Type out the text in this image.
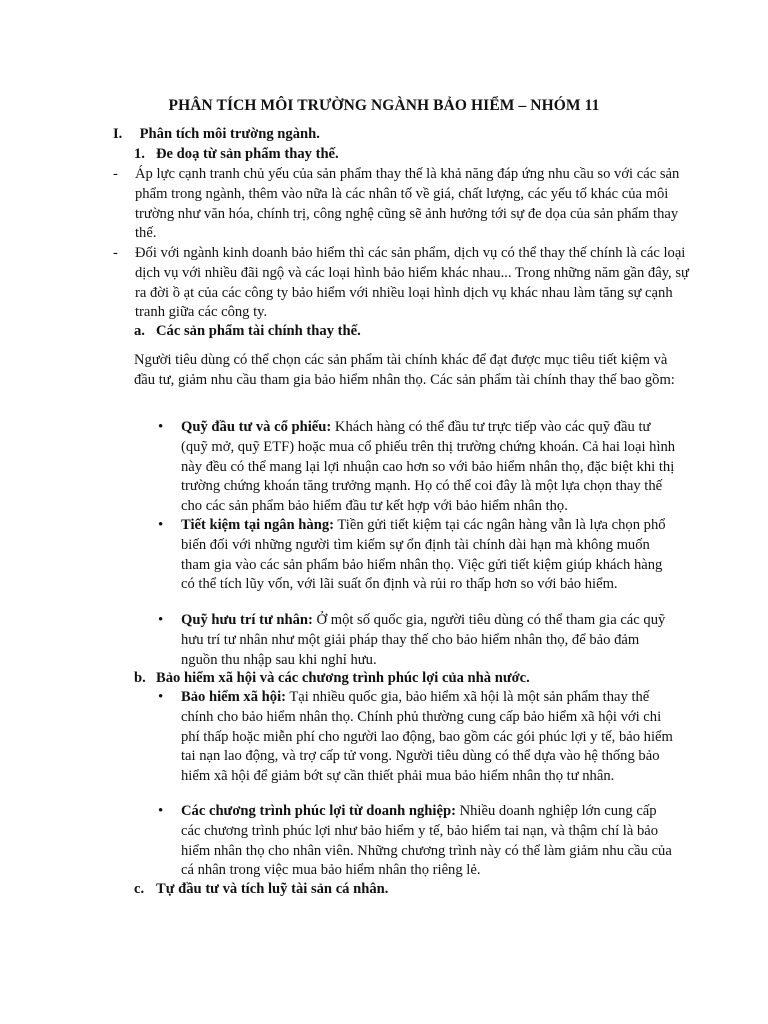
PHÂN TÍCH MÔI TRƯỜNG NGÀNH BẢO HIỂM – NHÓM 11
I. Phân tích môi trường ngành.
1. Đe doạ từ sản phẩm thay thế.
- Áp lực cạnh tranh chủ yếu của sản phẩm thay thế là khả năng đáp ứng nhu cầu so với các sản phẩm trong ngành, thêm vào nữa là các nhân tố về giá, chất lượng, các yếu tố khác của môi trường như văn hóa, chính trị, công nghệ cũng sẽ ảnh hưởng tới sự đe dọa của sản phẩm thay thế.
- Đối với ngành kinh doanh bảo hiểm thì các sản phẩm, dịch vụ có thể thay thế chính là các loại dịch vụ với nhiều đãi ngộ và các loại hình bảo hiểm khác nhau... Trong những năm gần đây, sự ra đời ồ ạt của các công ty bảo hiểm với nhiều loại hình dịch vụ khác nhau làm tăng sự cạnh tranh giữa các công ty.
a. Các sản phẩm tài chính thay thế.
Người tiêu dùng có thể chọn các sản phẩm tài chính khác để đạt được mục tiêu tiết kiệm và đầu tư, giảm nhu cầu tham gia bảo hiểm nhân thọ. Các sản phẩm tài chính thay thế bao gồm:
• Quỹ đầu tư và cổ phiếu: Khách hàng có thể đầu tư trực tiếp vào các quỹ đầu tư (quỹ mở, quỹ ETF) hoặc mua cổ phiếu trên thị trường chứng khoán. Cả hai loại hình này đều có thể mang lại lợi nhuận cao hơn so với bảo hiểm nhân thọ, đặc biệt khi thị trường chứng khoán tăng trưởng mạnh. Họ có thể coi đây là một lựa chọn thay thế cho các sản phẩm bảo hiểm đầu tư kết hợp với bảo hiểm nhân thọ.
• Tiết kiệm tại ngân hàng: Tiền gửi tiết kiệm tại các ngân hàng vẫn là lựa chọn phổ biến đối với những người tìm kiếm sự ổn định tài chính dài hạn mà không muốn tham gia vào các sản phẩm bảo hiểm nhân thọ. Việc gửi tiết kiệm giúp khách hàng có thể tích lũy vốn, với lãi suất ổn định và rủi ro thấp hơn so với bảo hiểm.
• Quỹ hưu trí tư nhân: Ở một số quốc gia, người tiêu dùng có thể tham gia các quỹ hưu trí tư nhân như một giải pháp thay thế cho bảo hiểm nhân thọ, để bảo đảm nguồn thu nhập sau khi nghỉ hưu.
b. Bảo hiểm xã hội và các chương trình phúc lợi của nhà nước.
• Bảo hiểm xã hội: Tại nhiều quốc gia, bảo hiểm xã hội là một sản phẩm thay thế chính cho bảo hiểm nhân thọ. Chính phủ thường cung cấp bảo hiểm xã hội với chi phí thấp hoặc miễn phí cho người lao động, bao gồm các gói phúc lợi y tế, bảo hiểm tai nạn lao động, và trợ cấp tử vong. Người tiêu dùng có thể dựa vào hệ thống bảo hiểm xã hội để giảm bớt sự cần thiết phải mua bảo hiểm nhân thọ tư nhân.
• Các chương trình phúc lợi từ doanh nghiệp: Nhiều doanh nghiệp lớn cung cấp các chương trình phúc lợi như bảo hiểm y tế, bảo hiểm tai nạn, và thậm chí là bảo hiểm nhân thọ cho nhân viên. Những chương trình này có thể làm giảm nhu cầu của cá nhân trong việc mua bảo hiểm nhân thọ riêng lẻ.
c. Tự đầu tư và tích luỹ tài sản cá nhân.
